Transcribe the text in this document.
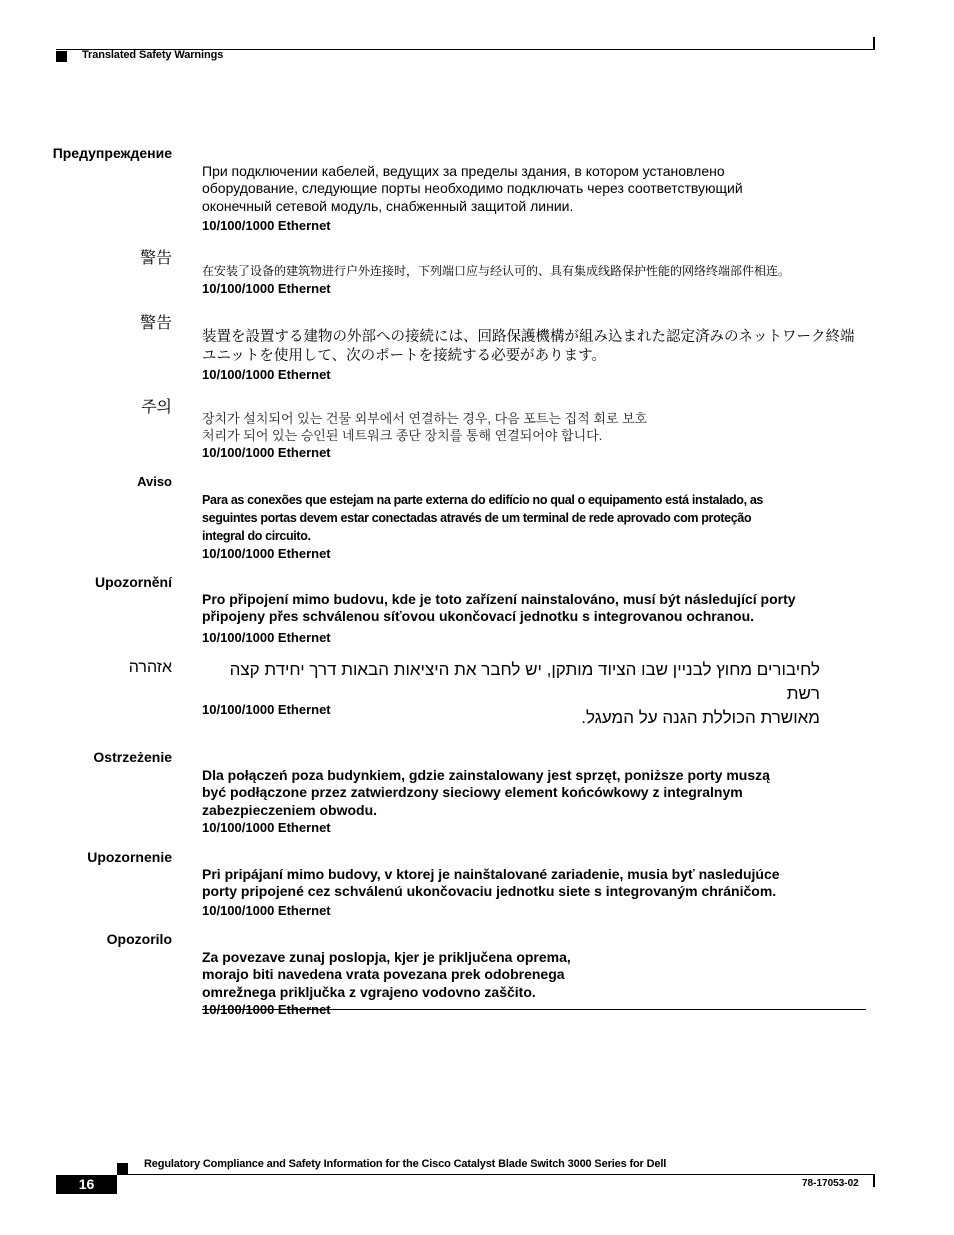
Translated Safety Warnings
Предупреждение

При подключении кабелей, ведущих за пределы здания, в котором установлено
оборудование, следующие порты необходимо подключать через соответствующий
оконечный сетевой модуль, снабженный защитой линии.

10/100/1000 Ethernet

警告

在安装了设备的建筑物进行户外连接时，下列端口应与经认可的、具有集成线路保护性能的网络终端部件相连。

10/100/1000 Ethernet

警告

装置を設置する建物の外部への接続には、回路保護機構が組み込まれた認定済みのネットワーク終端
ユニットを使用して、次のポートを接続する必要があります。

10/100/1000 Ethernet

주의

장치가 설치되어 있는 건물 외부에서 연결하는 경우, 다음 포트는 집적 회로 보호
처리가 되어 있는 승인된 네트워크 종단 장치를 통해 연결되어야 합니다.

10/100/1000 Ethernet

Aviso

Para as conexões que estejam na parte externa do edifício no qual o equipamento está instalado, as
seguintes portas devem estar conectadas através de um terminal de rede aprovado com proteção
integral do circuito.

10/100/1000 Ethernet

Upozornění

Pro připojení mimo budovu, kde je toto zařízení nainstalováno, musí být následující porty
připojeny přes schválenou síťovou ukončovací jednotku s integrovanou ochranou.

10/100/1000 Ethernet

אזהרה	לחיבורים מחוץ לבניין שבו הציוד מותקן, יש לחבר את היציאות הבאות דרך יחידת קצה רשת
מאושרת הכוללת הגנה על המעגל.
10/100/1000 Ethernet
Ostrzeżenie

Dla połączeń poza budynkiem, gdzie zainstalowany jest sprzęt, poniższe porty muszą
być podłączone przez zatwierdzony sieciowy element końcówkowy z integralnym
zabezpieczeniem obwodu.

10/100/1000 Ethernet

Upozornenie

Pri pripájaní mimo budovy, v ktorej je nainštalované zariadenie, musia byť nasledujúce
porty pripojené cez schválenú ukončovaciu jednotku siete s integrovaným chráničom.

10/100/1000 Ethernet

Opozorilo

Za povezave zunaj poslopja, kjer je priključena oprema,
morajo biti navedena vrata povezana prek odobrenega
omrežnega priključka z vgrajeno vodovno zaščito.

10/100/1000 Ethernet

Regulatory Compliance and Safety Information for the Cisco Catalyst Blade Switch 3000 Series for Dell
16	78-17053-02
